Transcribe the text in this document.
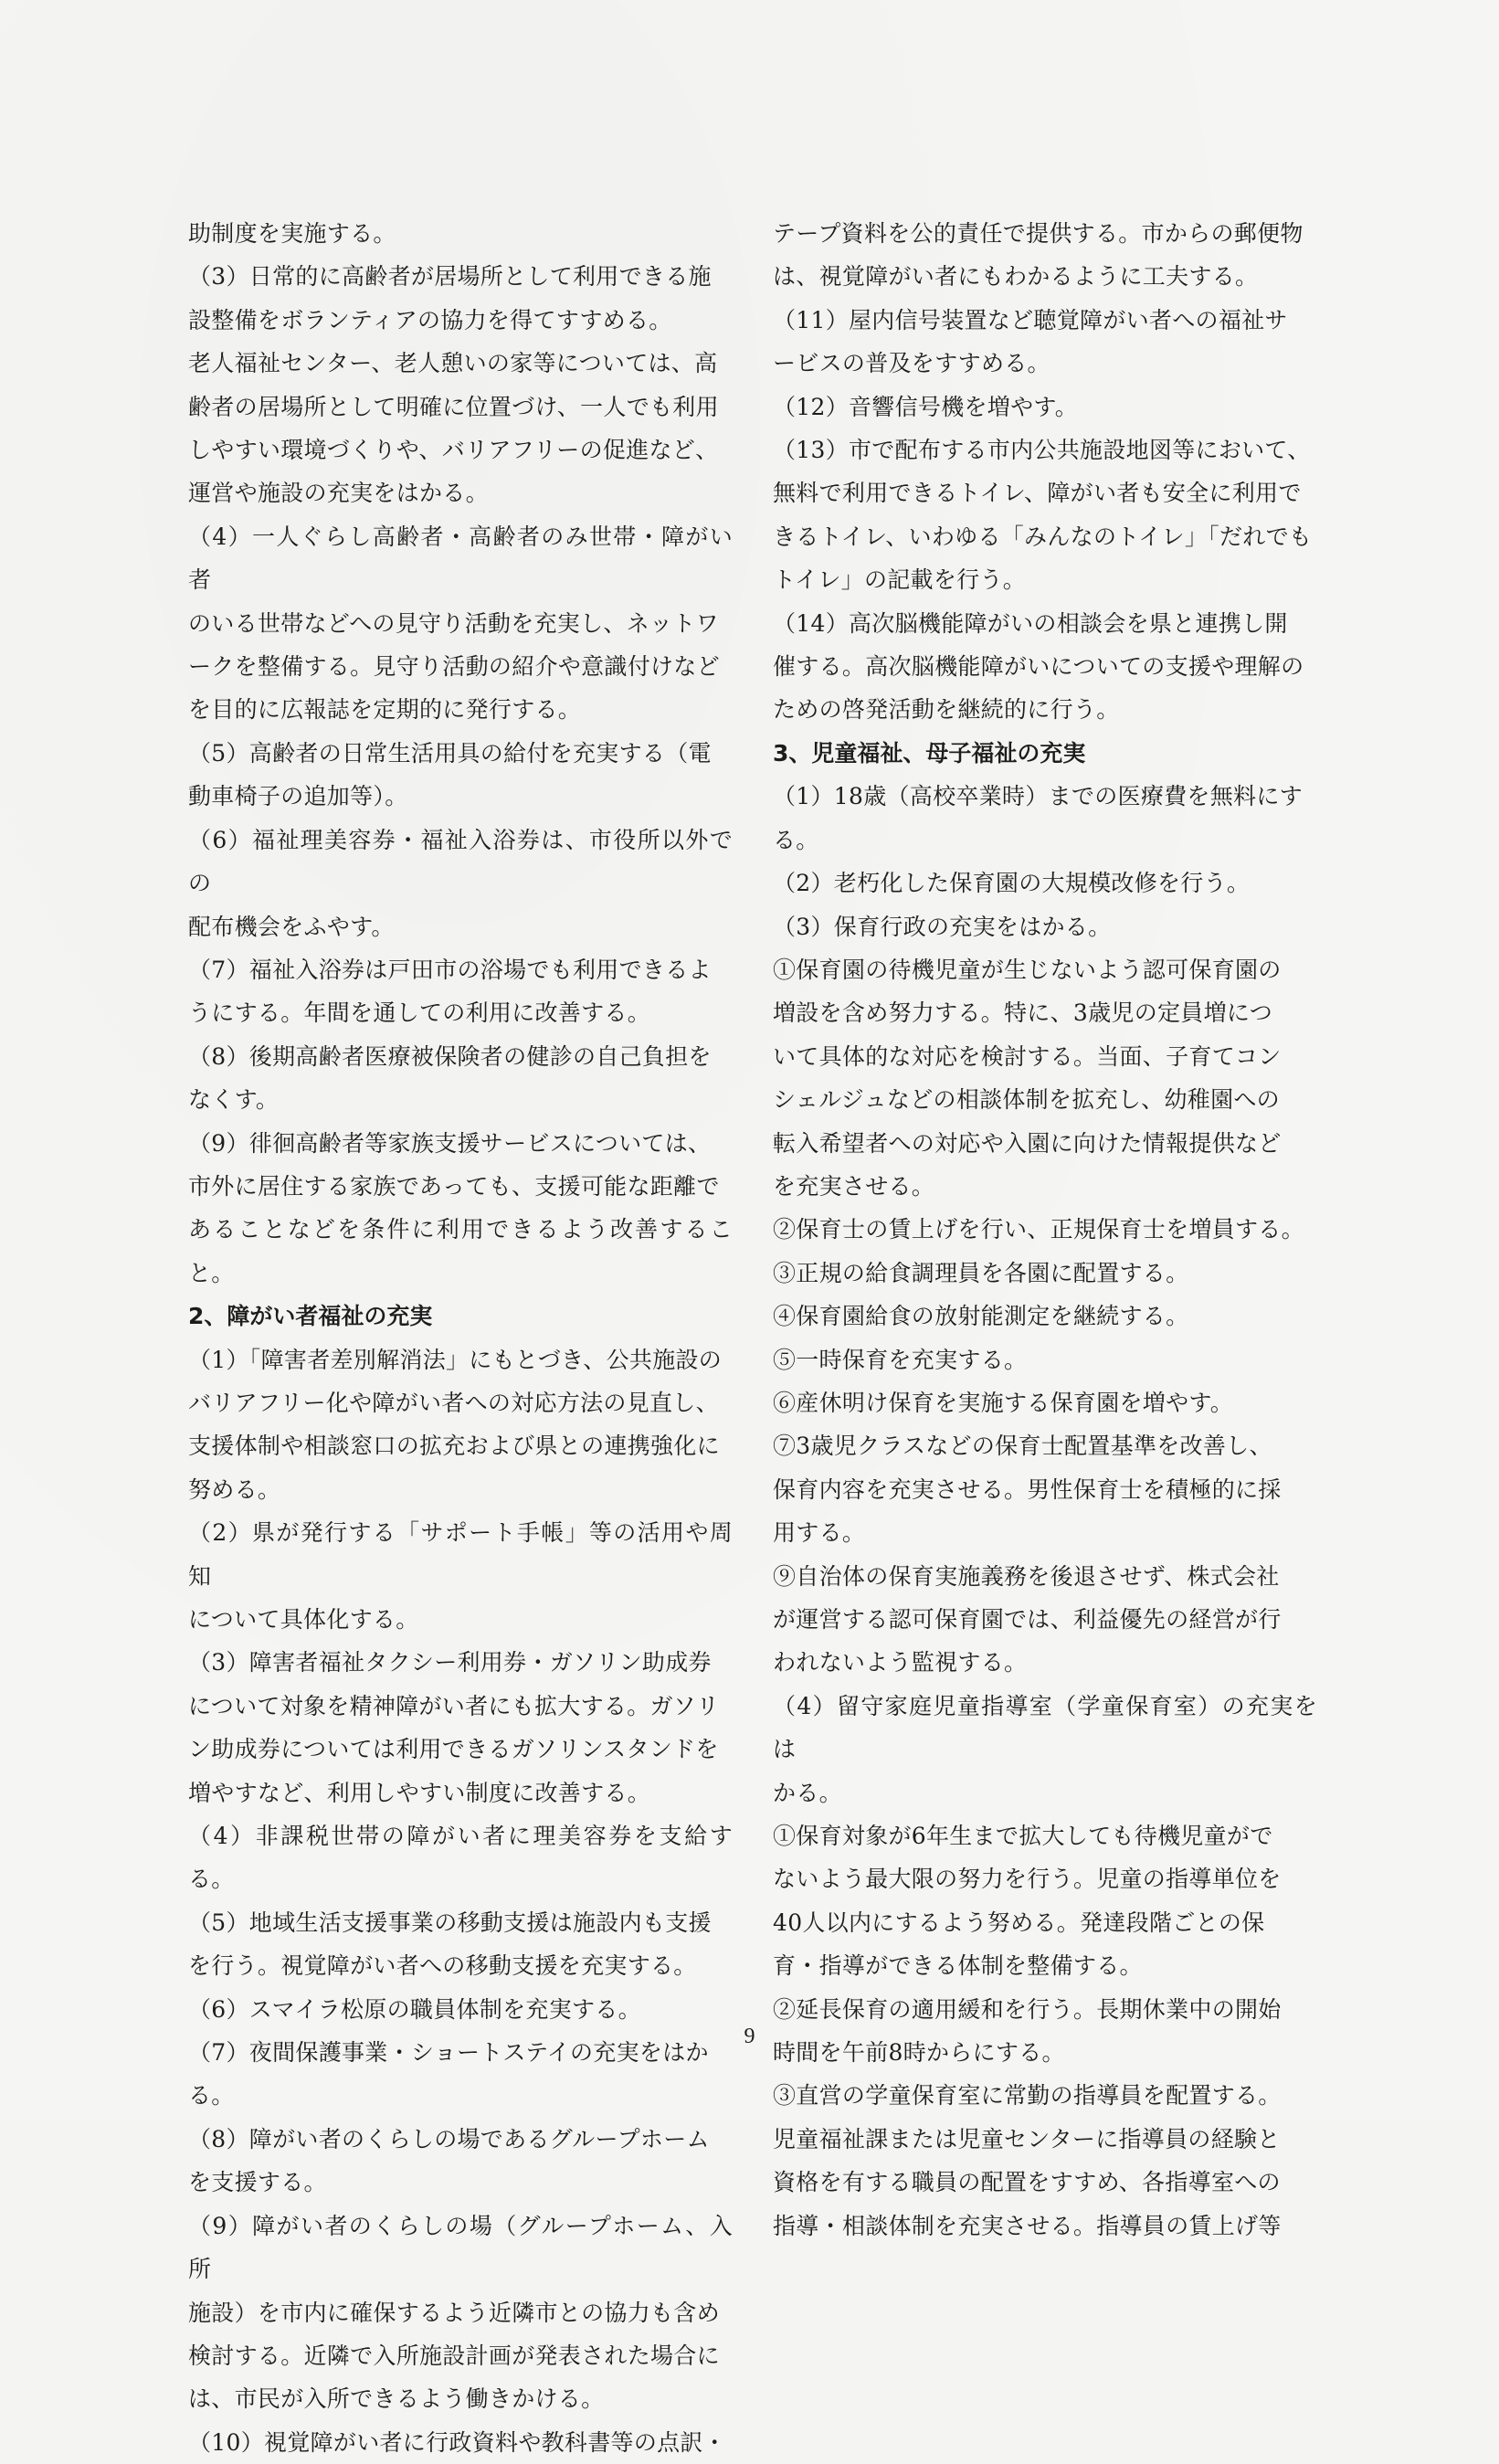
助制度を実施する。

（3）日常的に高齢者が居場所として利用できる施
設整備をボランティアの協力を得てすすめる。

老人福祉センター、老人憩いの家等については、高
齢者の居場所として明確に位置づけ、一人でも利用
しやすい環境づくりや、バリアフリーの促進など、
運営や施設の充実をはかる。

（4）一人ぐらし高齢者・高齢者のみ世帯・障がい者
のいる世帯などへの見守り活動を充実し、ネットワ
ークを整備する。見守り活動の紹介や意識付けなど
を目的に広報誌を定期的に発行する。

（5）高齢者の日常生活用具の給付を充実する（電
動車椅子の追加等）。

（6）福祉理美容券・福祉入浴券は、市役所以外での
配布機会をふやす。

（7）福祉入浴券は戸田市の浴場でも利用できるよ
うにする。年間を通しての利用に改善する。

（8）後期高齢者医療被保険者の健診の自己負担を
なくす。

（9）徘徊高齢者等家族支援サービスについては、
市外に居住する家族であっても、支援可能な距離で
あることなどを条件に利用できるよう改善すること。

2、障がい者福祉の充実

（1）「障害者差別解消法」にもとづき、公共施設の
バリアフリー化や障がい者への対応方法の見直し、
支援体制や相談窓口の拡充および県との連携強化に
努める。

（2）県が発行する「サポート手帳」等の活用や周知
について具体化する。

（3）障害者福祉タクシー利用券・ガソリン助成券
について対象を精神障がい者にも拡大する。ガソリ
ン助成券については利用できるガソリンスタンドを
増やすなど、利用しやすい制度に改善する。

（4）非課税世帯の障がい者に理美容券を支給する。

（5）地域生活支援事業の移動支援は施設内も支援
を行う。視覚障がい者への移動支援を充実する。

（6）スマイラ松原の職員体制を充実する。

（7）夜間保護事業・ショートステイの充実をはか
る。

（8）障がい者のくらしの場であるグループホーム
を支援する。

（9）障がい者のくらしの場（グループホーム、入所
施設）を市内に確保するよう近隣市との協力も含め
検討する。近隣で入所施設計画が発表された場合に
は、市民が入所できるよう働きかける。

（10）視覚障がい者に行政資料や教科書等の点訳・

テープ資料を公的責任で提供する。市からの郵便物
は、視覚障がい者にもわかるように工夫する。

（11）屋内信号装置など聴覚障がい者への福祉サ
ービスの普及をすすめる。

（12）音響信号機を増やす。

（13）市で配布する市内公共施設地図等において、
無料で利用できるトイレ、障がい者も安全に利用で
きるトイレ、いわゆる「みんなのトイレ」「だれでも
トイレ」の記載を行う。

（14）高次脳機能障がいの相談会を県と連携し開
催する。高次脳機能障がいについての支援や理解の
ための啓発活動を継続的に行う。

3、児童福祉、母子福祉の充実

（1）18歳（高校卒業時）までの医療費を無料にす
る。

（2）老朽化した保育園の大規模改修を行う。

（3）保育行政の充実をはかる。

①保育園の待機児童が生じないよう認可保育園の
増設を含め努力する。特に、3歳児の定員増につ
いて具体的な対応を検討する。当面、子育てコン
シェルジュなどの相談体制を拡充し、幼稚園への
転入希望者への対応や入園に向けた情報提供など
を充実させる。

②保育士の賃上げを行い、正規保育士を増員する。

③正規の給食調理員を各園に配置する。

④保育園給食の放射能測定を継続する。

⑤一時保育を充実する。

⑥産休明け保育を実施する保育園を増やす。

⑦3歳児クラスなどの保育士配置基準を改善し、
保育内容を充実させる。男性保育士を積極的に採
用する。

⑨自治体の保育実施義務を後退させず、株式会社
が運営する認可保育園では、利益優先の経営が行
われないよう監視する。

（4）留守家庭児童指導室（学童保育室）の充実をは
かる。

①保育対象が6年生まで拡大しても待機児童がで
ないよう最大限の努力を行う。児童の指導単位を
40人以内にするよう努める。発達段階ごとの保
育・指導ができる体制を整備する。

②延長保育の適用緩和を行う。長期休業中の開始
時間を午前8時からにする。

③直営の学童保育室に常勤の指導員を配置する。
児童福祉課または児童センターに指導員の経験と
資格を有する職員の配置をすすめ、各指導室への
指導・相談体制を充実させる。指導員の賃上げ等

9
